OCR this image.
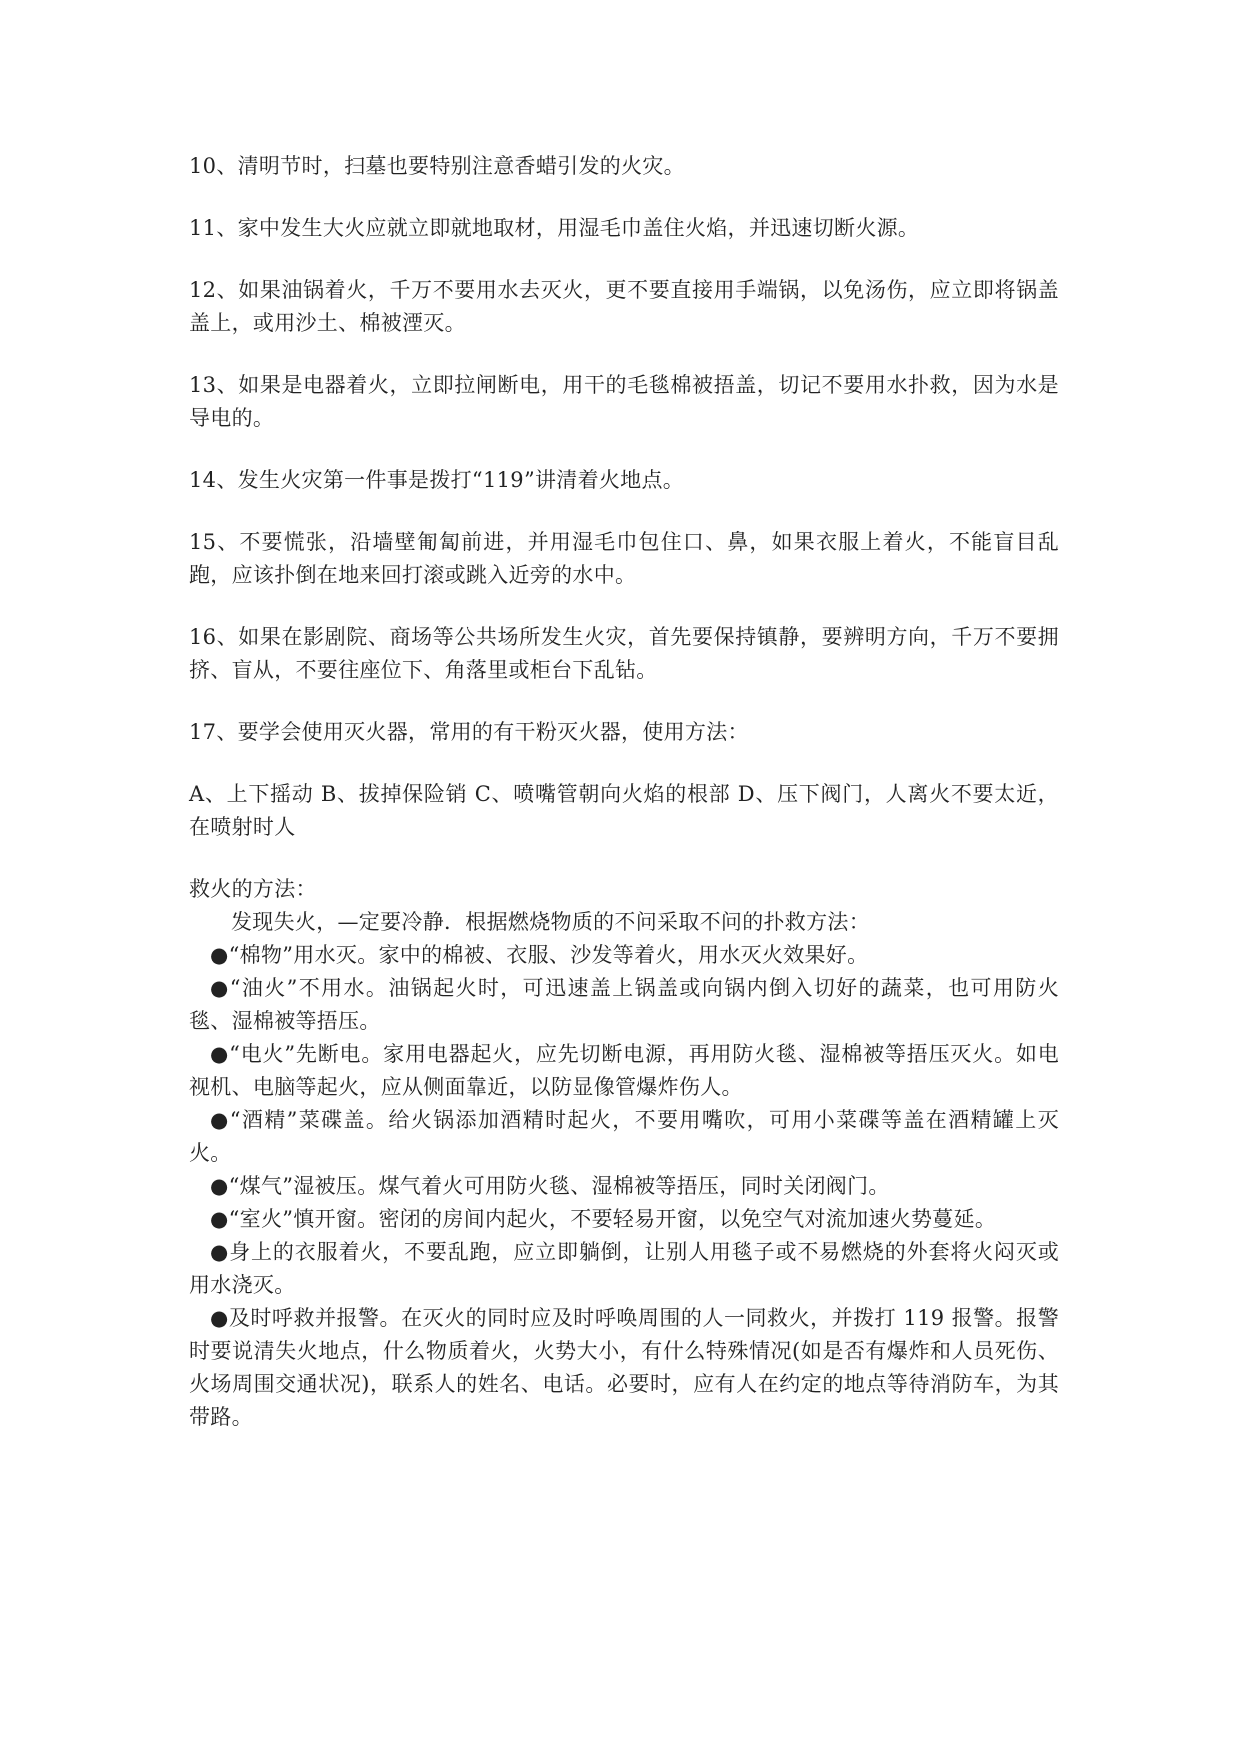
10、清明节时，扫墓也要特别注意香蜡引发的火灾。

11、家中发生大火应就立即就地取材，用湿毛巾盖住火焰，并迅速切断火源。

12、如果油锅着火，千万不要用水去灭火，更不要直接用手端锅，以免汤伤，应立即将锅盖盖上，或用沙土、棉被湮灭。

13、如果是电器着火，立即拉闸断电，用干的毛毯棉被捂盖，切记不要用水扑救，因为水是导电的。

14、发生火灾第一件事是拨打“119”讲清着火地点。

15、不要慌张，沿墙壁匍匐前进，并用湿毛巾包住口、鼻，如果衣服上着火，不能盲目乱跑，应该扑倒在地来回打滚或跳入近旁的水中。

16、如果在影剧院、商场等公共场所发生火灾，首先要保持镇静，要辨明方向，千万不要拥挤、盲从，不要往座位下、角落里或柜台下乱钻。

17、要学会使用灭火器，常用的有干粉灭火器，使用方法：

A、上下摇动 B、拔掉保险销 C、喷嘴管朝向火焰的根部 D、压下阀门，人离火不要太近，在喷射时人

救火的方法：

发现失火，—定要冷静．根据燃烧物质的不问采取不问的扑救方法：

●“棉物”用水灭。家中的棉被、衣服、沙发等着火，用水灭火效果好。

●“油火”不用水。油锅起火时，可迅速盖上锅盖或向锅内倒入切好的蔬菜，也可用防火毯、湿棉被等捂压。

●“电火”先断电。家用电器起火，应先切断电源，再用防火毯、湿棉被等捂压灭火。如电视机、电脑等起火，应从侧面靠近，以防显像管爆炸伤人。

●“酒精”菜碟盖。给火锅添加酒精时起火，不要用嘴吹，可用小菜碟等盖在酒精罐上灭火。

●“煤气”湿被压。煤气着火可用防火毯、湿棉被等捂压，同时关闭阀门。

●“室火”慎开窗。密闭的房间内起火，不要轻易开窗，以免空气对流加速火势蔓延。

●身上的衣服着火，不要乱跑，应立即躺倒，让别人用毯子或不易燃烧的外套将火闷灭或用水浇灭。

●及时呼救并报警。在灭火的同时应及时呼唤周围的人一同救火，并拨打 119 报警。报警时要说清失火地点，什么物质着火，火势大小，有什么特殊情况(如是否有爆炸和人员死伤、火场周围交通状况)，联系人的姓名、电话。必要时，应有人在约定的地点等待消防车，为其带路。
